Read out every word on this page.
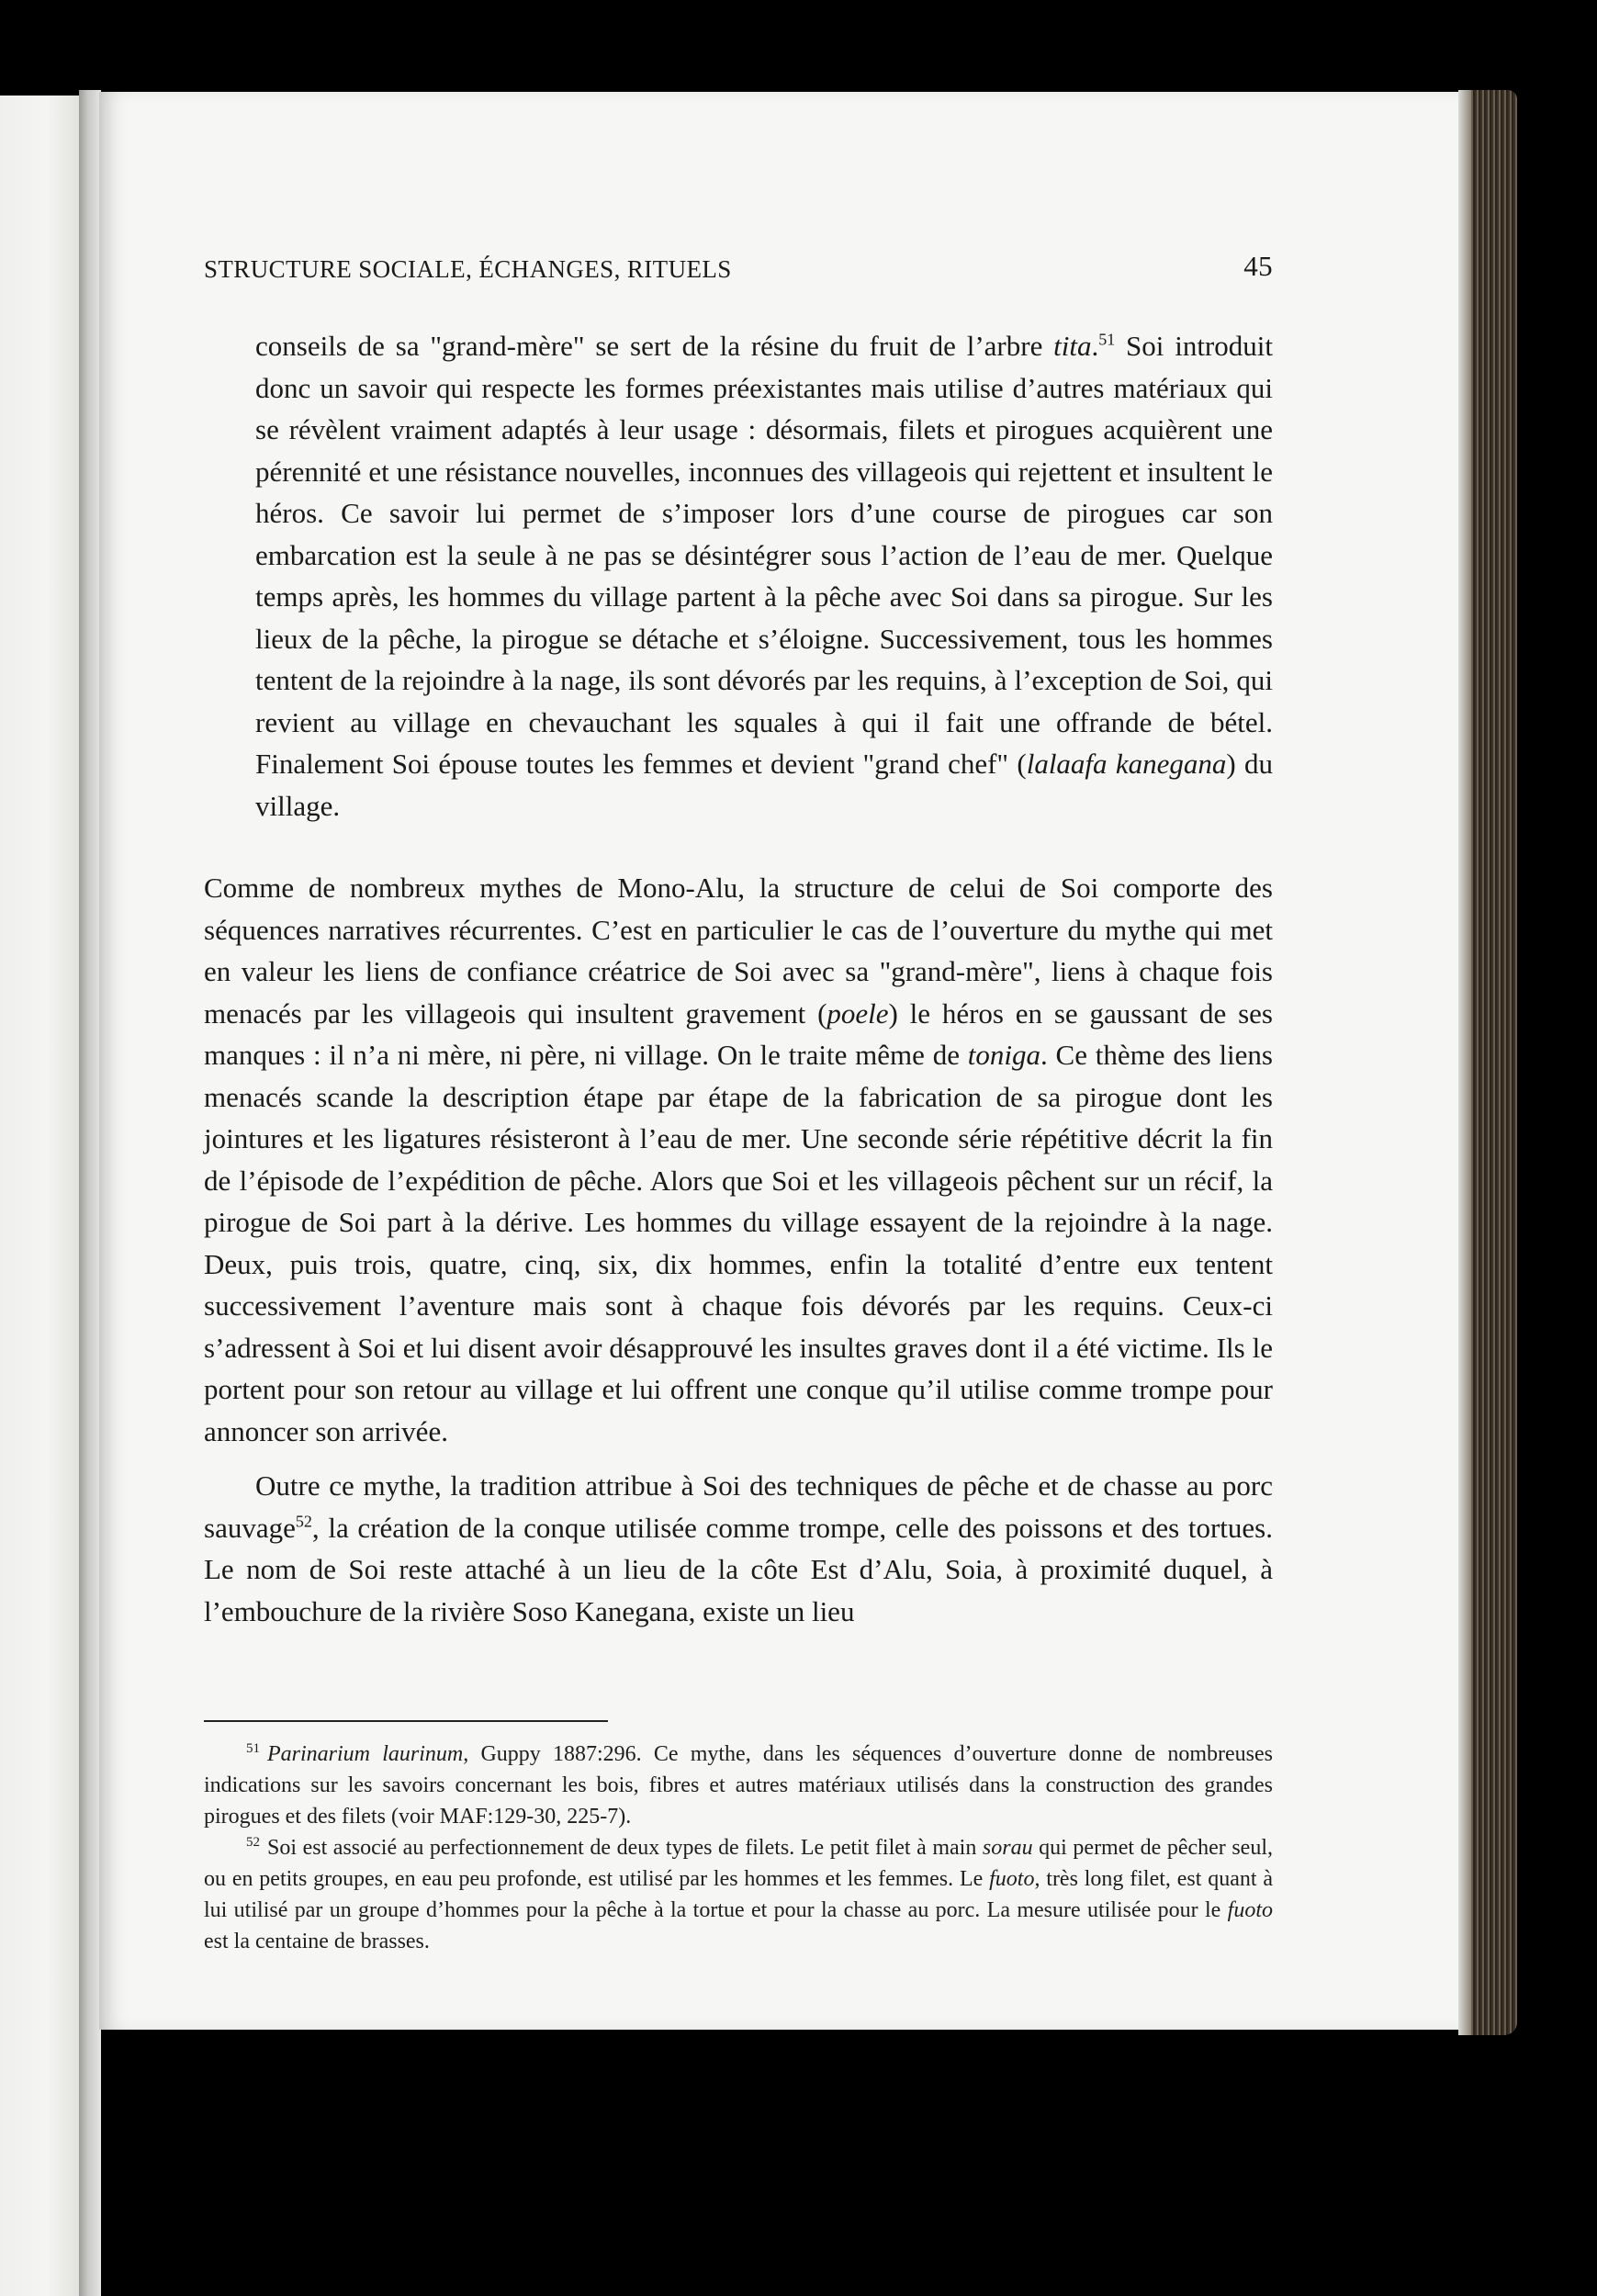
STRUCTURE SOCIALE, ÉCHANGES, RITUELS	45
conseils de sa "grand-mère" se sert de la résine du fruit de l’arbre tita.$^{51}$ Soi introduit donc un savoir qui respecte les formes préexistantes mais utilise d’autres matériaux qui se révèlent vraiment adaptés à leur usage : désormais, filets et pirogues acquièrent une pérennité et une résistance nouvelles, inconnues des villageois qui rejettent et insultent le héros. Ce savoir lui permet de s’imposer lors d’une course de pirogues car son embarcation est la seule à ne pas se désintégrer sous l’action de l’eau de mer. Quelque temps après, les hommes du village partent à la pêche avec Soi dans sa pirogue. Sur les lieux de la pêche, la pirogue se détache et s’éloigne. Successivement, tous les hommes tentent de la rejoindre à la nage, ils sont dévorés par les requins, à l’exception de Soi, qui revient au village en chevauchant les squales à qui il fait une offrande de bétel. Finalement Soi épouse toutes les femmes et devient "grand chef" (lalaafa kanegana) du village.
Comme de nombreux mythes de Mono-Alu, la structure de celui de Soi comporte des séquences narratives récurrentes. C’est en particulier le cas de l’ouverture du mythe qui met en valeur les liens de confiance créatrice de Soi avec sa "grand-mère", liens à chaque fois menacés par les villageois qui insultent gravement (poele) le héros en se gaussant de ses manques : il n’a ni mère, ni père, ni village. On le traite même de toniga. Ce thème des liens menacés scande la description étape par étape de la fabrication de sa pirogue dont les jointures et les ligatures résisteront à l’eau de mer. Une seconde série répétitive décrit la fin de l’épisode de l’expédition de pêche. Alors que Soi et les villageois pêchent sur un récif, la pirogue de Soi part à la dérive. Les hommes du village essayent de la rejoindre à la nage. Deux, puis trois, quatre, cinq, six, dix hommes, enfin la totalité d’entre eux tentent successivement l’aventure mais sont à chaque fois dévorés par les requins. Ceux-ci s’adressent à Soi et lui disent avoir désapprouvé les insultes graves dont il a été victime. Ils le portent pour son retour au village et lui offrent une conque qu’il utilise comme trompe pour annoncer son arrivée.
Outre ce mythe, la tradition attribue à Soi des techniques de pêche et de chasse au porc sauvage$^{52}$, la création de la conque utilisée comme trompe, celle des poissons et des tortues. Le nom de Soi reste attaché à un lieu de la côte Est d’Alu, Soia, à proximité duquel, à l’embouchure de la rivière Soso Kanegana, existe un lieu
$^{51}$ Parinarium laurinum, Guppy 1887:296. Ce mythe, dans les séquences d’ouverture donne de nombreuses indications sur les savoirs concernant les bois, fibres et autres matériaux utilisés dans la construction des grandes pirogues et des filets (voir MAF:129-30, 225-7).
$^{52}$ Soi est associé au perfectionnement de deux types de filets. Le petit filet à main sorau qui permet de pêcher seul, ou en petits groupes, en eau peu profonde, est utilisé par les hommes et les femmes. Le fuoto, très long filet, est quant à lui utilisé par un groupe d’hommes pour la pêche à la tortue et pour la chasse au porc. La mesure utilisée pour le fuoto est la centaine de brasses.
